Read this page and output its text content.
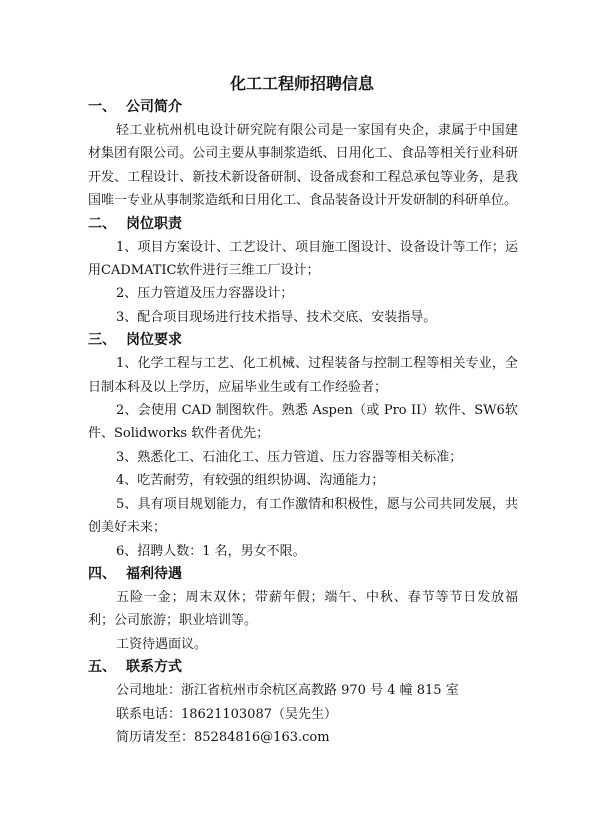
化工工程师招聘信息
一、 公司简介

轻工业杭州机电设计研究院有限公司是一家国有央企，隶属于中国建材集团有限公司。公司主要从事制浆造纸、日用化工、食品等相关行业科研开发、工程设计、新技术新设备研制、设备成套和工程总承包等业务，是我国唯一专业从事制浆造纸和日用化工、食品装备设计开发研制的科研单位。

二、 岗位职责

1、项目方案设计、工艺设计、项目施工图设计、设备设计等工作；运用CADMATIC软件进行三维工厂设计；

2、压力管道及压力容器设计；

3、配合项目现场进行技术指导、技术交底、安装指导。

三、 岗位要求

1、化学工程与工艺、化工机械、过程装备与控制工程等相关专业，全日制本科及以上学历，应届毕业生或有工作经验者；

2、会使用 CAD 制图软件。熟悉 Aspen（或 Pro II）软件、SW6软件、Solidworks 软件者优先；

3、熟悉化工、石油化工、压力管道、压力容器等相关标准；

4、吃苦耐劳，有较强的组织协调、沟通能力；

5、具有项目规划能力，有工作激情和积极性，愿与公司共同发展，共创美好未来；

6、招聘人数：1 名，男女不限。

四、 福利待遇

五险一金；周末双休；带薪年假；端午、中秋、春节等节日发放福利；公司旅游；职业培训等。

工资待遇面议。

五、 联系方式

公司地址：浙江省杭州市余杭区高教路 970 号 4 幢 815 室

联系电话：18621103087（吴先生）

简历请发至：85284816@163.com
